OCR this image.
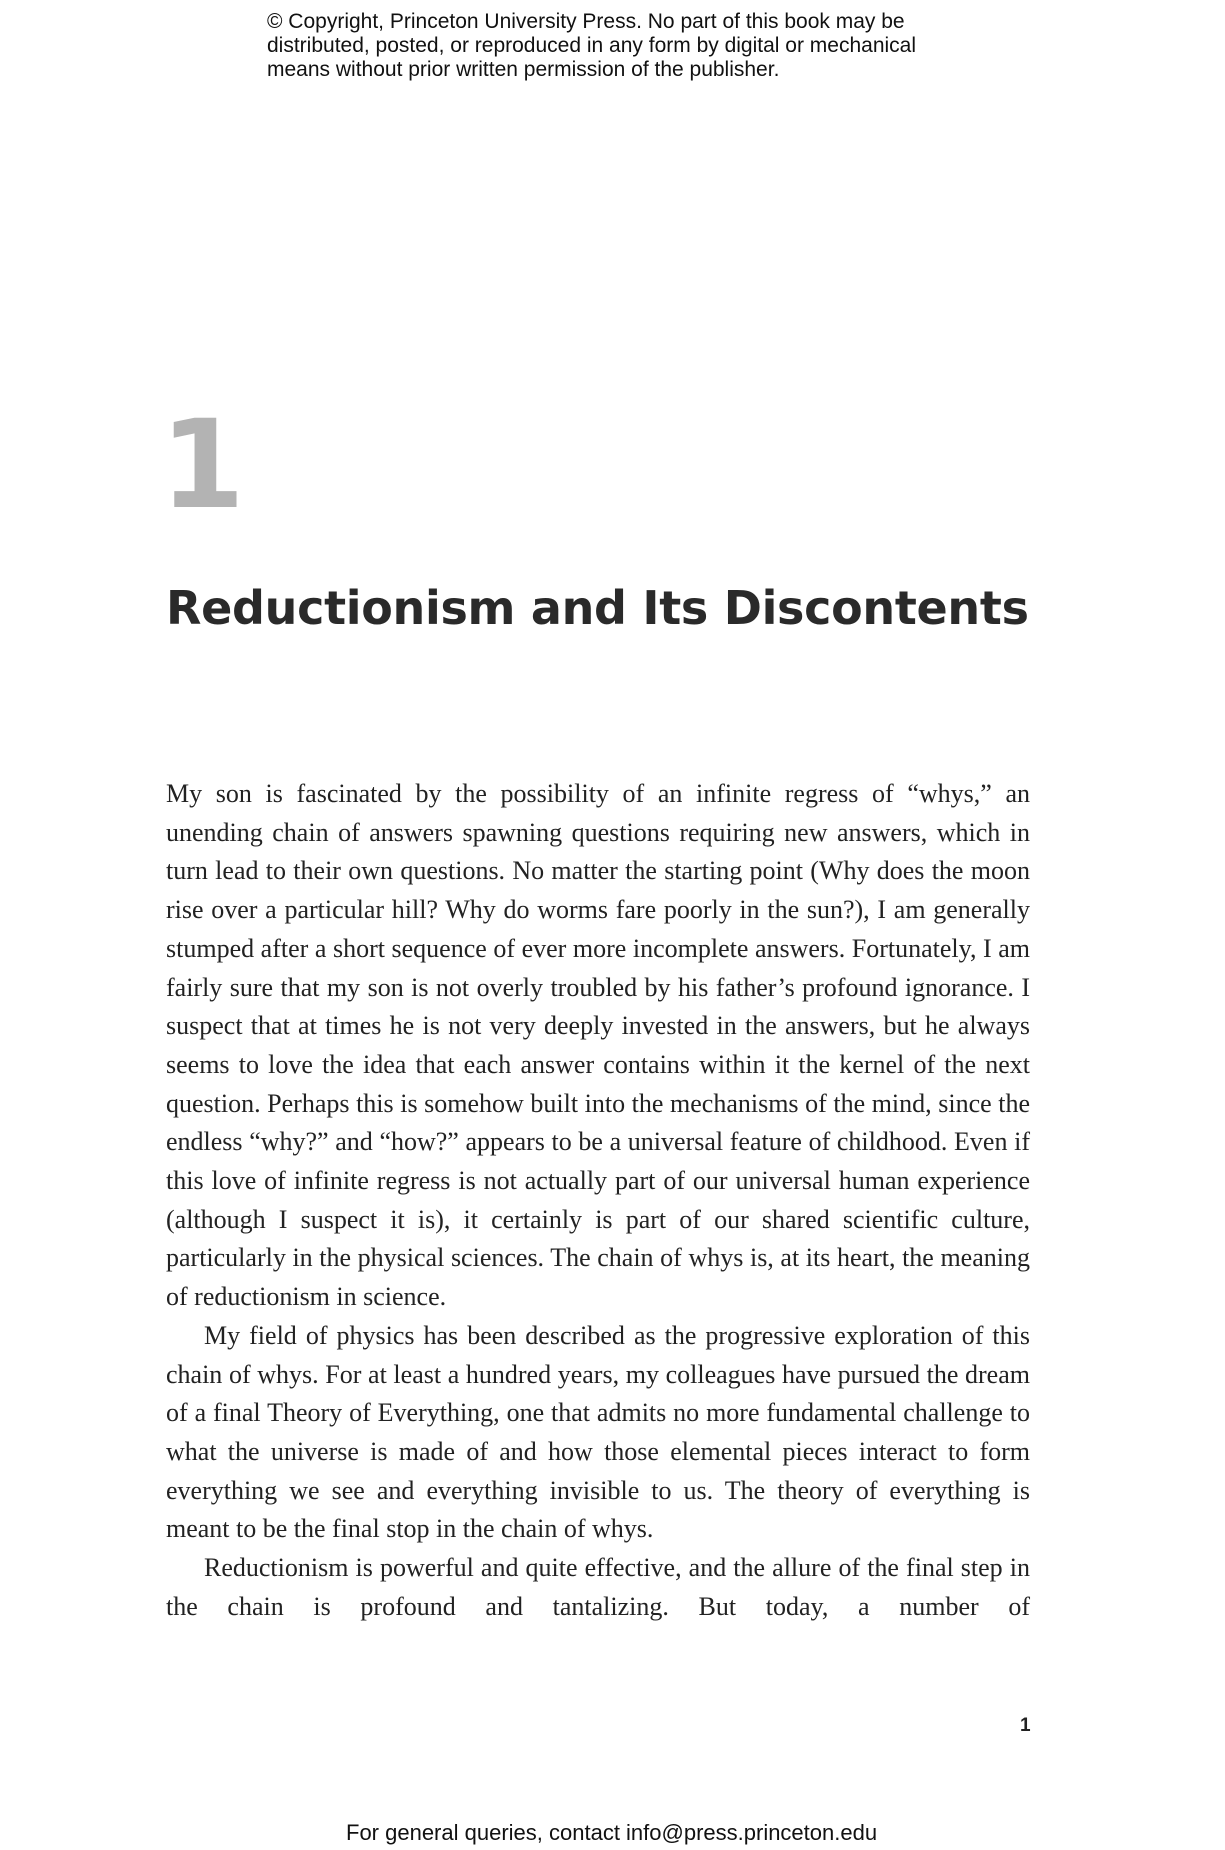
© Copyright, Princeton University Press. No part of this book may be
distributed, posted, or reproduced in any form by digital or mechanical
means without prior written permission of the publisher.
1
Reductionism and Its Discontents

My son is fascinated by the possibility of an infinite regress of “whys,” an unending chain of answers spawning questions requiring new answers, which in turn lead to their own questions. No matter the starting point (Why does the moon rise over a particular hill? Why do worms fare poorly in the sun?), I am generally stumped after a short sequence of ever more incomplete answers. Fortunately, I am fairly sure that my son is not overly troubled by his father’s profound ignorance. I suspect that at times he is not very deeply invested in the answers, but he always seems to love the idea that each answer contains within it the kernel of the next question. Perhaps this is somehow built into the mechanisms of the mind, since the endless “why?” and “how?” appears to be a universal feature of childhood. Even if this love of infinite regress is not actually part of our universal human experience (although I suspect it is), it certainly is part of our shared scientific culture, particularly in the physical sciences. The chain of whys is, at its heart, the meaning of reductionism in science.

My field of physics has been described as the progressive exploration of this chain of whys. For at least a hundred years, my colleagues have pursued the dream of a final Theory of Everything, one that admits no more fundamental challenge to what the universe is made of and how those elemental pieces interact to form everything we see and everything invisible to us. The theory of everything is meant to be the final stop in the chain of whys.

Reductionism is powerful and quite effective, and the allure of the final step in the chain is profound and tantalizing. But today, a number of

1
For general queries, contact info@press.princeton.edu
